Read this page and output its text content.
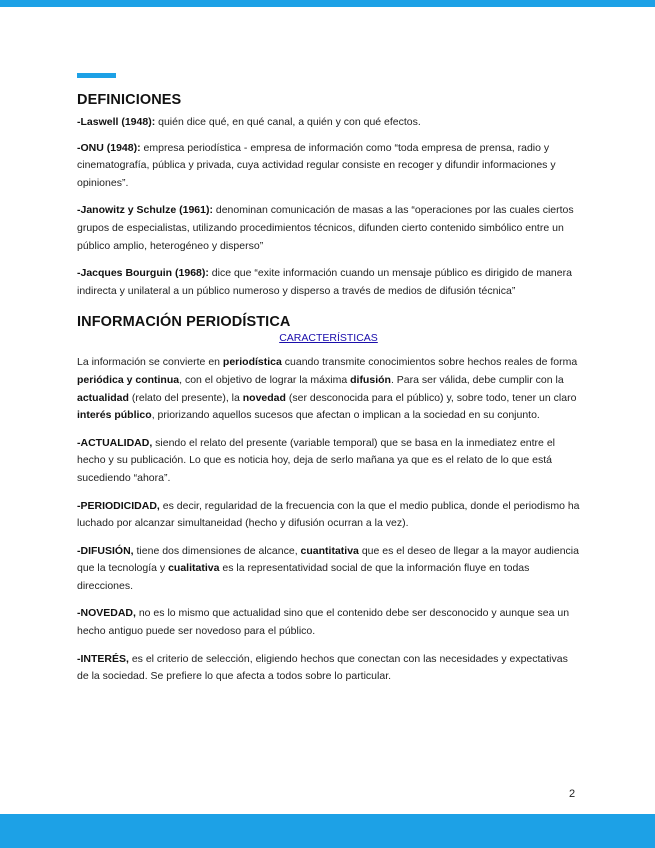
DEFINICIONES

-Laswell (1948): quién dice qué, en qué canal, a quién y con qué efectos.

-ONU (1948): empresa periodística - empresa de información como “toda empresa de prensa, radio y cinematografía, pública y privada, cuya actividad regular consiste en recoger y difundir informaciones y opiniones”.

-Janowitz y Schulze (1961): denominan comunicación de masas a las “operaciones por las cuales ciertos grupos de especialistas, utilizando procedimientos técnicos, difunden cierto contenido simbólico entre un público amplio, heterogéneo y disperso”

-Jacques Bourguin (1968): dice que “exite información cuando un mensaje público es dirigido de manera indirecta y unilateral a un público numeroso y disperso a través de medios de difusión técnica”

INFORMACIÓN PERIODÍSTICA
CARACTERÍSTICAS

La información se convierte en periodística cuando transmite conocimientos sobre hechos reales de forma periódica y continua, con el objetivo de lograr la máxima difusión. Para ser válida, debe cumplir con la actualidad (relato del presente), la novedad (ser desconocida para el público) y, sobre todo, tener un claro interés público, priorizando aquellos sucesos que afectan o implican a la sociedad en su conjunto.

-ACTUALIDAD, siendo el relato del presente (variable temporal) que se basa en la inmediatez entre el hecho y su publicación. Lo que es noticia hoy, deja de serlo mañana ya que es el relato de lo que está sucediendo “ahora”.

-PERIODICIDAD, es decir, regularidad de la frecuencia con la que el medio publica, donde el periodismo ha luchado por alcanzar simultaneidad (hecho y difusión ocurran a la vez).

-DIFUSIÓN, tiene dos dimensiones de alcance, cuantitativa que es el deseo de llegar a la mayor audiencia que la tecnología y cualitativa es la representatividad social de que la información fluye en todas direcciones.

-NOVEDAD, no es lo mismo que actualidad sino que el contenido debe ser desconocido y aunque sea un hecho antiguo puede ser novedoso para el público.

-INTERÉS, es el criterio de selección, eligiendo hechos que conectan con las necesidades y expectativas de la sociedad. Se prefiere lo que afecta a todos sobre lo particular.

2
